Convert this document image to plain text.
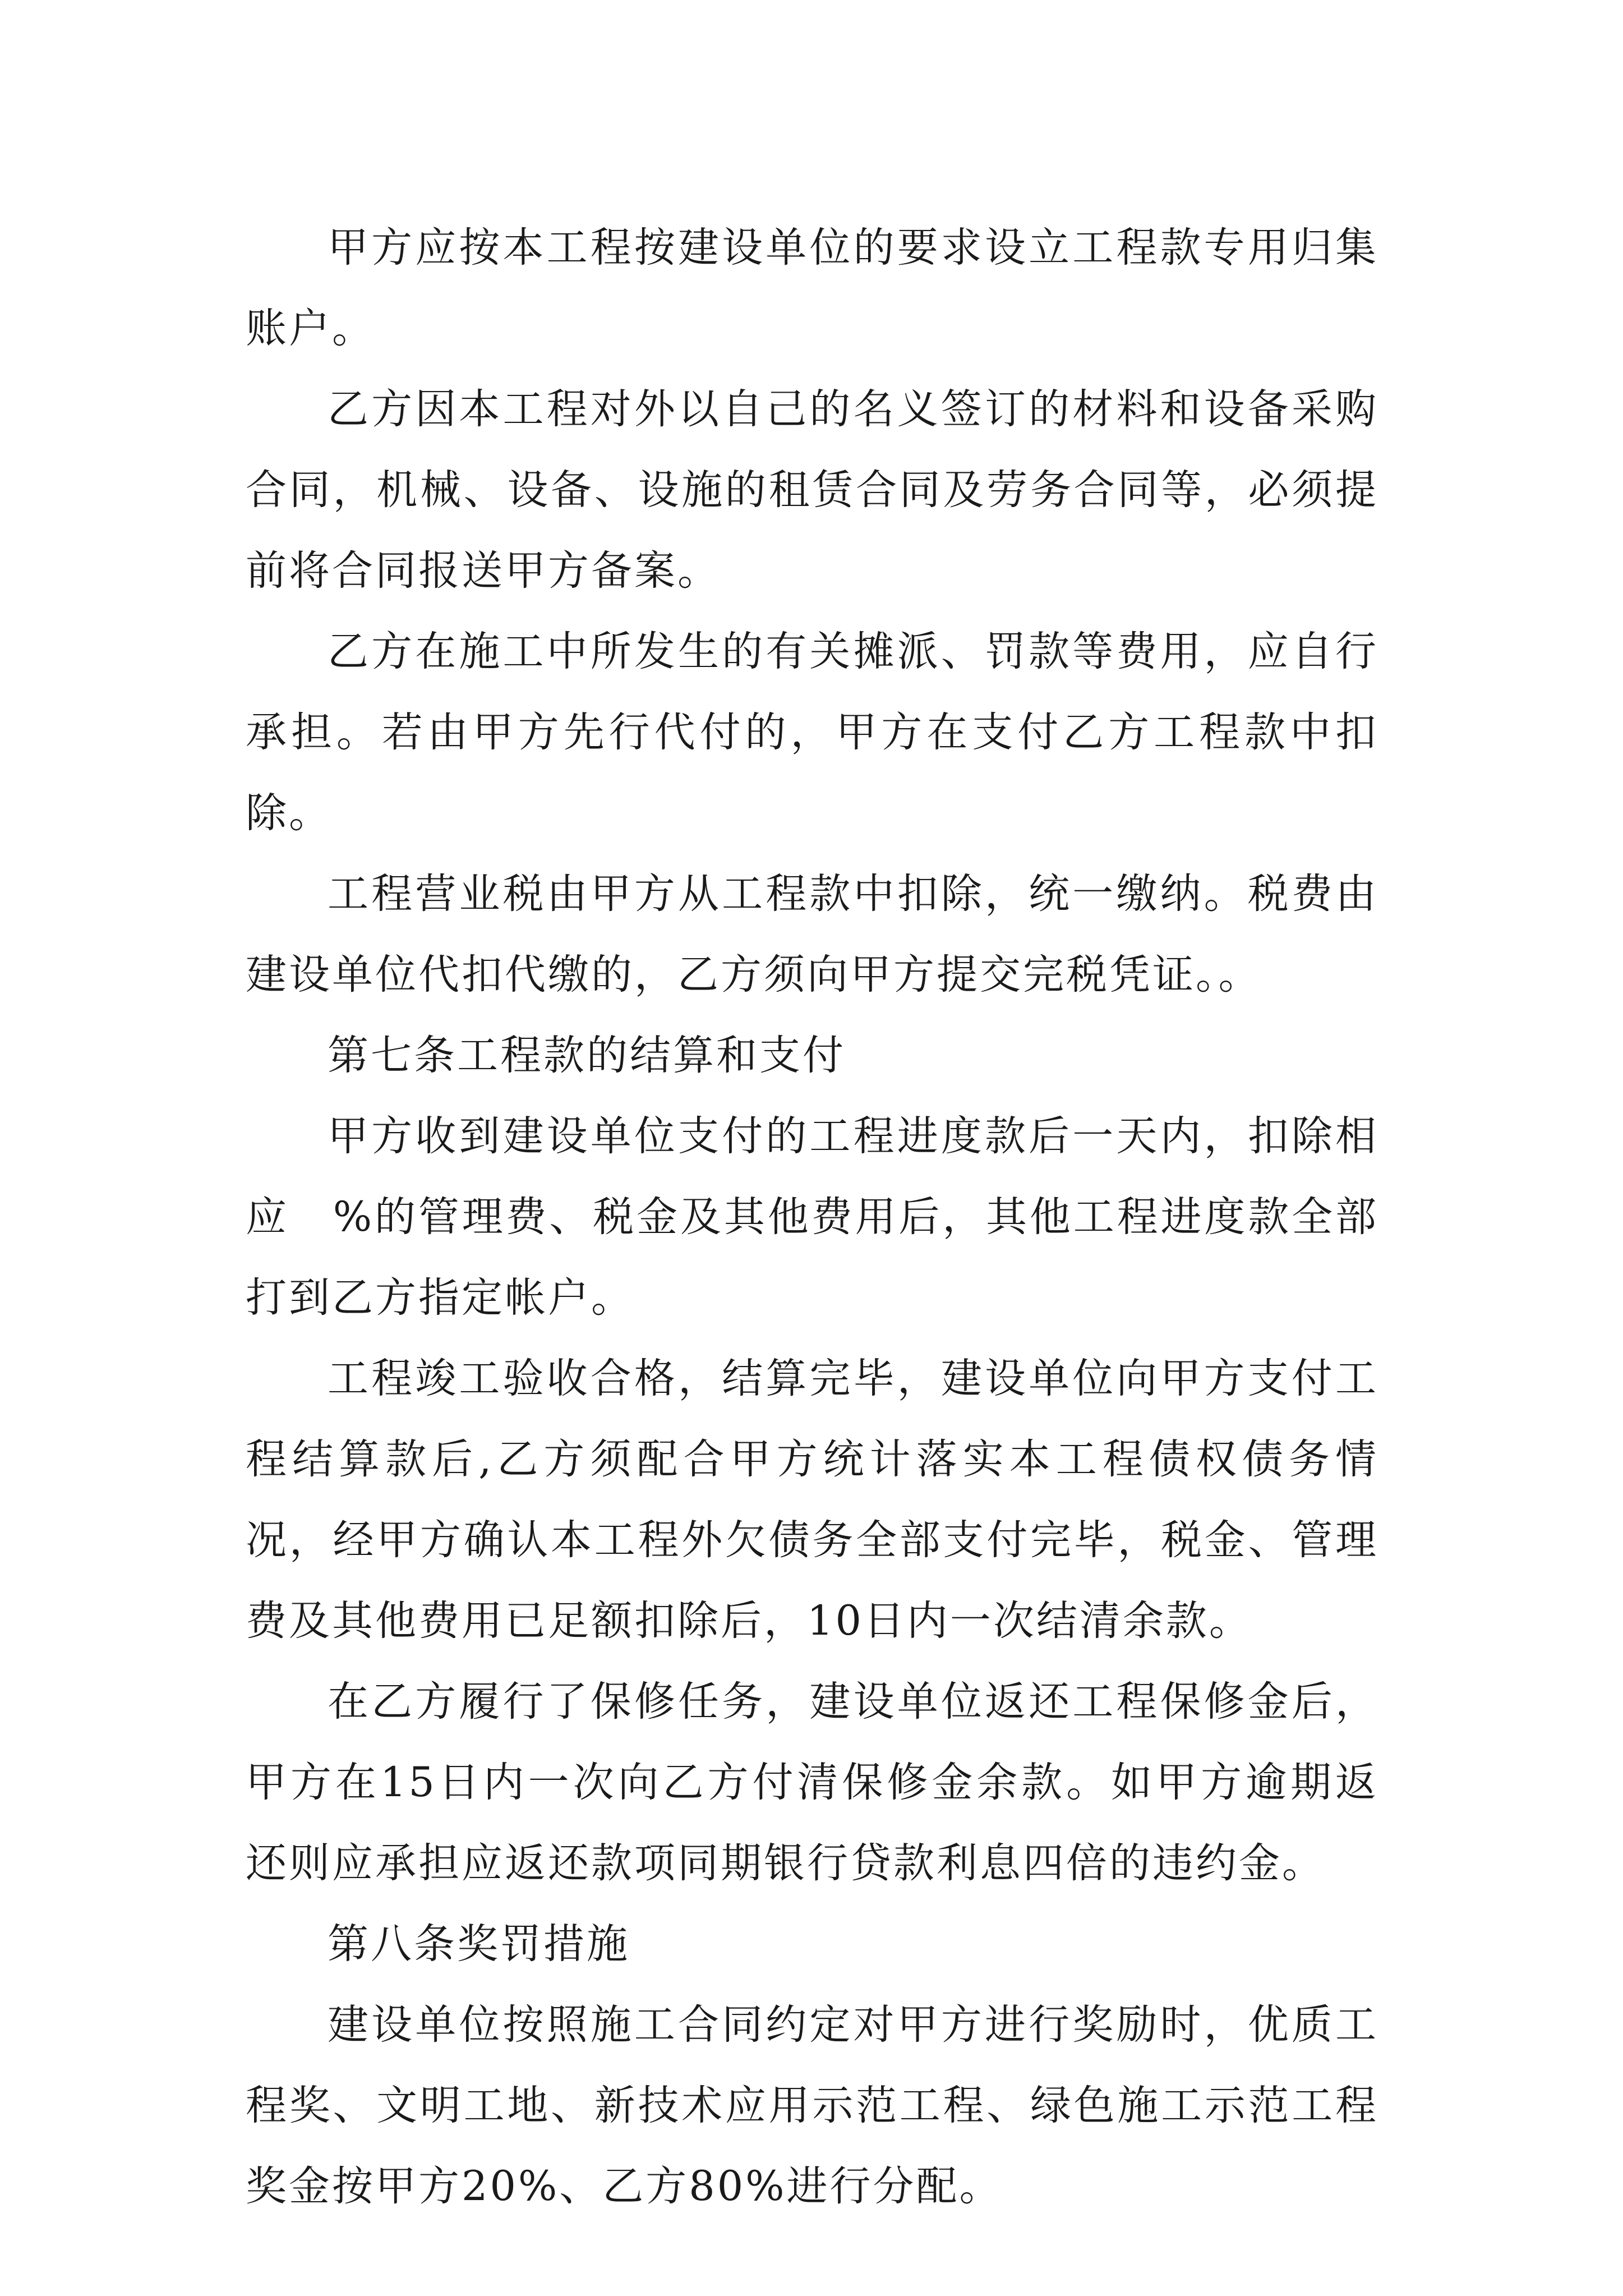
甲方应按本工程按建设单位的要求设立工程款专用归集账户。

乙方因本工程对外以自己的名义签订的材料和设备采购合同，机械、设备、设施的租赁合同及劳务合同等，必须提前将合同报送甲方备案。

乙方在施工中所发生的有关摊派、罚款等费用，应自行承担。若由甲方先行代付的，甲方在支付乙方工程款中扣除。

工程营业税由甲方从工程款中扣除，统一缴纳。税费由建设单位代扣代缴的，乙方须向甲方提交完税凭证。。

第七条工程款的结算和支付

甲方收到建设单位支付的工程进度款后一天内，扣除相应　%的管理费、税金及其他费用后，其他工程进度款全部打到乙方指定帐户。

工程竣工验收合格，结算完毕，建设单位向甲方支付工程结算款后,乙方须配合甲方统计落实本工程债权债务情况，经甲方确认本工程外欠债务全部支付完毕，税金、管理费及其他费用已足额扣除后，10日内一次结清余款。

在乙方履行了保修任务，建设单位返还工程保修金后，甲方在15日内一次向乙方付清保修金余款。如甲方逾期返还则应承担应返还款项同期银行贷款利息四倍的违约金。

第八条奖罚措施

建设单位按照施工合同约定对甲方进行奖励时，优质工程奖、文明工地、新技术应用示范工程、绿色施工示范工程奖金按甲方20%、乙方80%进行分配。
